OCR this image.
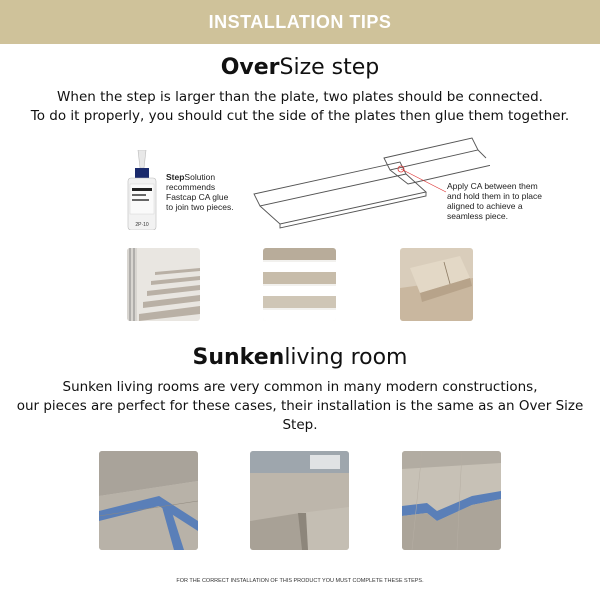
INSTALLATION TIPS
OverSize step
When the step is larger than the plate, two plates should be connected.
To do it properly, you should cut the side of the plates then glue them together.
2P·10
StepSolution recommends Fastcap CA glue to join two pieces.
Apply CA between them and hold them in to place aligned to achieve a seamless piece.
Sunkenliving room
Sunken living rooms are very common in many modern constructions,
our pieces are perfect for these cases, their installation is the same as an Over Size Step.
FOR THE CORRECT INSTALLATION OF THIS PRODUCT YOU MUST COMPLETE THESE STEPS.
